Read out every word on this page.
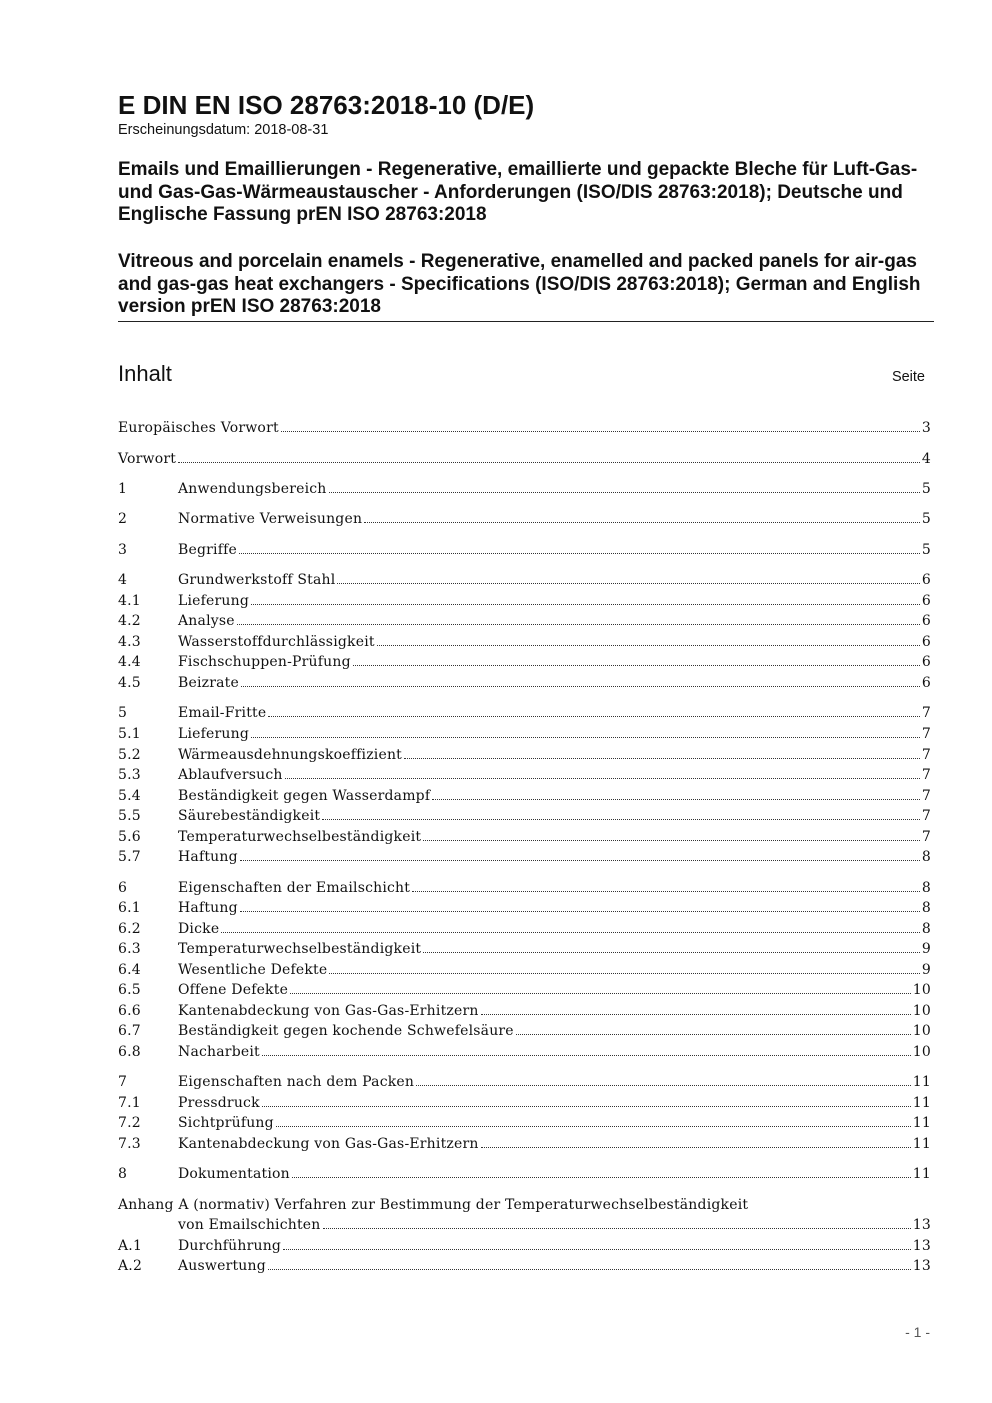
E DIN EN ISO 28763:2018-10 (D/E)
Erscheinungsdatum: 2018-08-31

Emails und Emaillierungen - Regenerative, emaillierte und gepackte Bleche für Luft-Gas- und Gas-Gas-Wärmeaustauscher - Anforderungen (ISO/DIS 28763:2018); Deutsche und Englische Fassung prEN ISO 28763:2018

Vitreous and porcelain enamels - Regenerative, enamelled and packed panels for air-gas and gas-gas heat exchangers - Specifications (ISO/DIS 28763:2018); German and English version prEN ISO 28763:2018

Inhalt	Seite
Europäisches Vorwort	3
Vorwort	4
1	Anwendungsbereich	5
2	Normative Verweisungen	5
3	Begriffe	5
4	Grundwerkstoff Stahl	6
4.1	Lieferung	6
4.2	Analyse	6
4.3	Wasserstoffdurchlässigkeit	6
4.4	Fischschuppen-Prüfung	6
4.5	Beizrate	6
5	Email-Fritte	7
5.1	Lieferung	7
5.2	Wärmeausdehnungskoeffizient	7
5.3	Ablaufversuch	7
5.4	Beständigkeit gegen Wasserdampf	7
5.5	Säurebeständigkeit	7
5.6	Temperaturwechselbeständigkeit	7
5.7	Haftung	8
6	Eigenschaften der Emailschicht	8
6.1	Haftung	8
6.2	Dicke	8
6.3	Temperaturwechselbeständigkeit	9
6.4	Wesentliche Defekte	9
6.5	Offene Defekte	10
6.6	Kantenabdeckung von Gas-Gas-Erhitzern	10
6.7	Beständigkeit gegen kochende Schwefelsäure	10
6.8	Nacharbeit	10
7	Eigenschaften nach dem Packen	11
7.1	Pressdruck	11
7.2	Sichtprüfung	11
7.3	Kantenabdeckung von Gas-Gas-Erhitzern	11
8	Dokumentation	11
Anhang A (normativ) Verfahren zur Bestimmung der Temperaturwechselbeständigkeit
von Emailschichten	13
A.1	Durchführung	13
A.2	Auswertung	13
- 1 -
